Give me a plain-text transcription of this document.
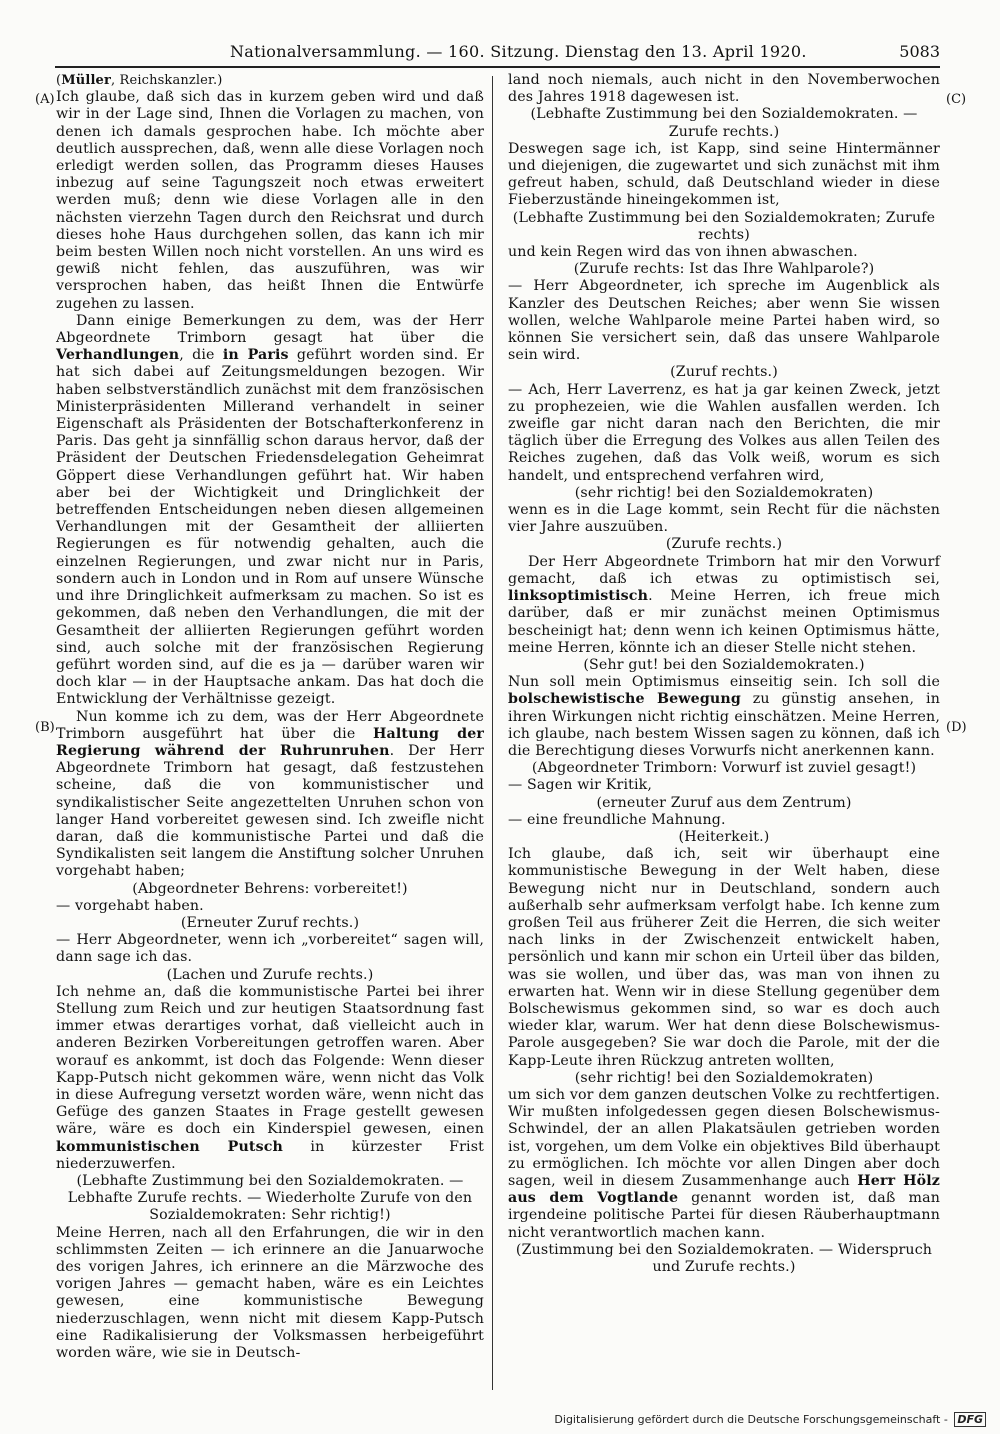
Nationalversammlung. — 160. Sitzung. Dienstag den 13. April 1920.	5083
(A)
(B)
(C)
(D)

(Müller, Reichskanzler.)

Ich glaube, daß sich das in kurzem geben wird und daß wir in der Lage sind, Ihnen die Vorlagen zu machen, von denen ich damals gesprochen habe. Ich möchte aber deutlich aussprechen, daß, wenn alle diese Vorlagen noch erledigt werden sollen, das Programm dieses Hauses inbezug auf seine Tagungszeit noch etwas erweitert werden muß; denn wie diese Vorlagen alle in den nächsten vierzehn Tagen durch den Reichsrat und durch dieses hohe Haus durchgehen sollen, das kann ich mir beim besten Willen noch nicht vorstellen. An uns wird es gewiß nicht fehlen, das auszuführen, was wir versprochen haben, das heißt Ihnen die Entwürfe zugehen zu lassen.

Dann einige Bemerkungen zu dem, was der Herr Abgeordnete Trimborn gesagt hat über die Verhandlungen, die in Paris geführt worden sind. Er hat sich dabei auf Zeitungsmeldungen bezogen. Wir haben selbstverständlich zunächst mit dem französischen Ministerpräsidenten Millerand verhandelt in seiner Eigenschaft als Präsidenten der Botschafterkonferenz in Paris. Das geht ja sinnfällig schon daraus hervor, daß der Präsident der Deutschen Friedensdelegation Geheimrat Göppert diese Verhandlungen geführt hat. Wir haben aber bei der Wichtigkeit und Dringlichkeit der betreffenden Entscheidungen neben diesen allgemeinen Verhandlungen mit der Gesamtheit der alliierten Regierungen es für notwendig gehalten, auch die einzelnen Regierungen, und zwar nicht nur in Paris, sondern auch in London und in Rom auf unsere Wünsche und ihre Dringlichkeit aufmerksam zu machen. So ist es gekommen, daß neben den Verhandlungen, die mit der Gesamtheit der alliierten Regierungen geführt worden sind, auch solche mit der französischen Regierung geführt worden sind, auf die es ja — darüber waren wir doch klar — in der Hauptsache ankam. Das hat doch die Entwicklung der Verhältnisse gezeigt.

Nun komme ich zu dem, was der Herr Abgeordnete Trimborn ausgeführt hat über die Haltung der Regierung während der Ruhrunruhen. Der Herr Abgeordnete Trimborn hat gesagt, daß festzustehen scheine, daß die von kommunistischer und syndikalistischer Seite angezettelten Unruhen schon von langer Hand vorbereitet gewesen sind. Ich zweifle nicht daran, daß die kommunistische Partei und daß die Syndikalisten seit langem die Anstiftung solcher Unruhen vorgehabt haben;

(Abgeordneter Behrens: vorbereitet!)

— vorgehabt haben.

(Erneuter Zuruf rechts.)

— Herr Abgeordneter, wenn ich „vorbereitet“ sagen will, dann sage ich das.

(Lachen und Zurufe rechts.)

Ich nehme an, daß die kommunistische Partei bei ihrer Stellung zum Reich und zur heutigen Staatsordnung fast immer etwas derartiges vorhat, daß vielleicht auch in anderen Bezirken Vorbereitungen getroffen waren. Aber worauf es ankommt, ist doch das Folgende: Wenn dieser Kapp-Putsch nicht gekommen wäre, wenn nicht das Volk in diese Aufregung versetzt worden wäre, wenn nicht das Gefüge des ganzen Staates in Frage gestellt gewesen wäre, wäre es doch ein Kinderspiel gewesen, einen kommunistischen Putsch in kürzester Frist niederzuwerfen.

(Lebhafte Zustimmung bei den Sozialdemokraten. — Lebhafte Zurufe rechts. — Wiederholte Zurufe von den Sozialdemokraten: Sehr richtig!)

Meine Herren, nach all den Erfahrungen, die wir in den schlimmsten Zeiten — ich erinnere an die Januarwoche des vorigen Jahres, ich erinnere an die Märzwoche des vorigen Jahres — gemacht haben, wäre es ein Leichtes gewesen, eine kommunistische Bewegung niederzuschlagen, wenn nicht mit diesem Kapp-Putsch eine Radikalisierung der Volksmassen herbeigeführt worden wäre, wie sie in Deutsch-

land noch niemals, auch nicht in den Novemberwochen des Jahres 1918 dagewesen ist.

(Lebhafte Zustimmung bei den Sozialdemokraten. — Zurufe rechts.)

Deswegen sage ich, ist Kapp, sind seine Hintermänner und diejenigen, die zugewartet und sich zunächst mit ihm gefreut haben, schuld, daß Deutschland wieder in diese Fieberzustände hineingekommen ist,

(Lebhafte Zustimmung bei den Sozialdemokraten; Zurufe rechts)

und kein Regen wird das von ihnen abwaschen.

(Zurufe rechts: Ist das Ihre Wahlparole?)

— Herr Abgeordneter, ich spreche im Augenblick als Kanzler des Deutschen Reiches; aber wenn Sie wissen wollen, welche Wahlparole meine Partei haben wird, so können Sie versichert sein, daß das unsere Wahlparole sein wird.

(Zuruf rechts.)

— Ach, Herr Laverrenz, es hat ja gar keinen Zweck, jetzt zu prophezeien, wie die Wahlen ausfallen werden. Ich zweifle gar nicht daran nach den Berichten, die mir täglich über die Erregung des Volkes aus allen Teilen des Reiches zugehen, daß das Volk weiß, worum es sich handelt, und entsprechend verfahren wird,

(sehr richtig! bei den Sozialdemokraten)

wenn es in die Lage kommt, sein Recht für die nächsten vier Jahre auszuüben.

(Zurufe rechts.)

Der Herr Abgeordnete Trimborn hat mir den Vorwurf gemacht, daß ich etwas zu optimistisch sei, linksoptimistisch. Meine Herren, ich freue mich darüber, daß er mir zunächst meinen Optimismus bescheinigt hat; denn wenn ich keinen Optimismus hätte, meine Herren, könnte ich an dieser Stelle nicht stehen.

(Sehr gut! bei den Sozialdemokraten.)

Nun soll mein Optimismus einseitig sein. Ich soll die bolschewistische Bewegung zu günstig ansehen, in ihren Wirkungen nicht richtig einschätzen. Meine Herren, ich glaube, nach bestem Wissen sagen zu können, daß ich die Berechtigung dieses Vorwurfs nicht anerkennen kann.

(Abgeordneter Trimborn: Vorwurf ist zuviel gesagt!)

— Sagen wir Kritik,

(erneuter Zuruf aus dem Zentrum)

— eine freundliche Mahnung.

(Heiterkeit.)

Ich glaube, daß ich, seit wir überhaupt eine kommunistische Bewegung in der Welt haben, diese Bewegung nicht nur in Deutschland, sondern auch außerhalb sehr aufmerksam verfolgt habe. Ich kenne zum großen Teil aus früherer Zeit die Herren, die sich weiter nach links in der Zwischenzeit entwickelt haben, persönlich und kann mir schon ein Urteil über das bilden, was sie wollen, und über das, was man von ihnen zu erwarten hat. Wenn wir in diese Stellung gegenüber dem Bolschewismus gekommen sind, so war es doch auch wieder klar, warum. Wer hat denn diese Bolschewismus-Parole ausgegeben? Sie war doch die Parole, mit der die Kapp-Leute ihren Rückzug antreten wollten,

(sehr richtig! bei den Sozialdemokraten)

um sich vor dem ganzen deutschen Volke zu rechtfertigen. Wir mußten infolgedessen gegen diesen Bolschewismus-Schwindel, der an allen Plakatsäulen getrieben worden ist, vorgehen, um dem Volke ein objektives Bild überhaupt zu ermöglichen. Ich möchte vor allen Dingen aber doch sagen, weil in diesem Zusammenhange auch Herr Hölz aus dem Vogtlande genannt worden ist, daß man irgendeine politische Partei für diesen Räuberhauptmann nicht verantwortlich machen kann.

(Zustimmung bei den Sozialdemokraten. — Widerspruch und Zurufe rechts.)

Digitalisierung gefördert durch die Deutsche Forschungsgemeinschaft - DFG
